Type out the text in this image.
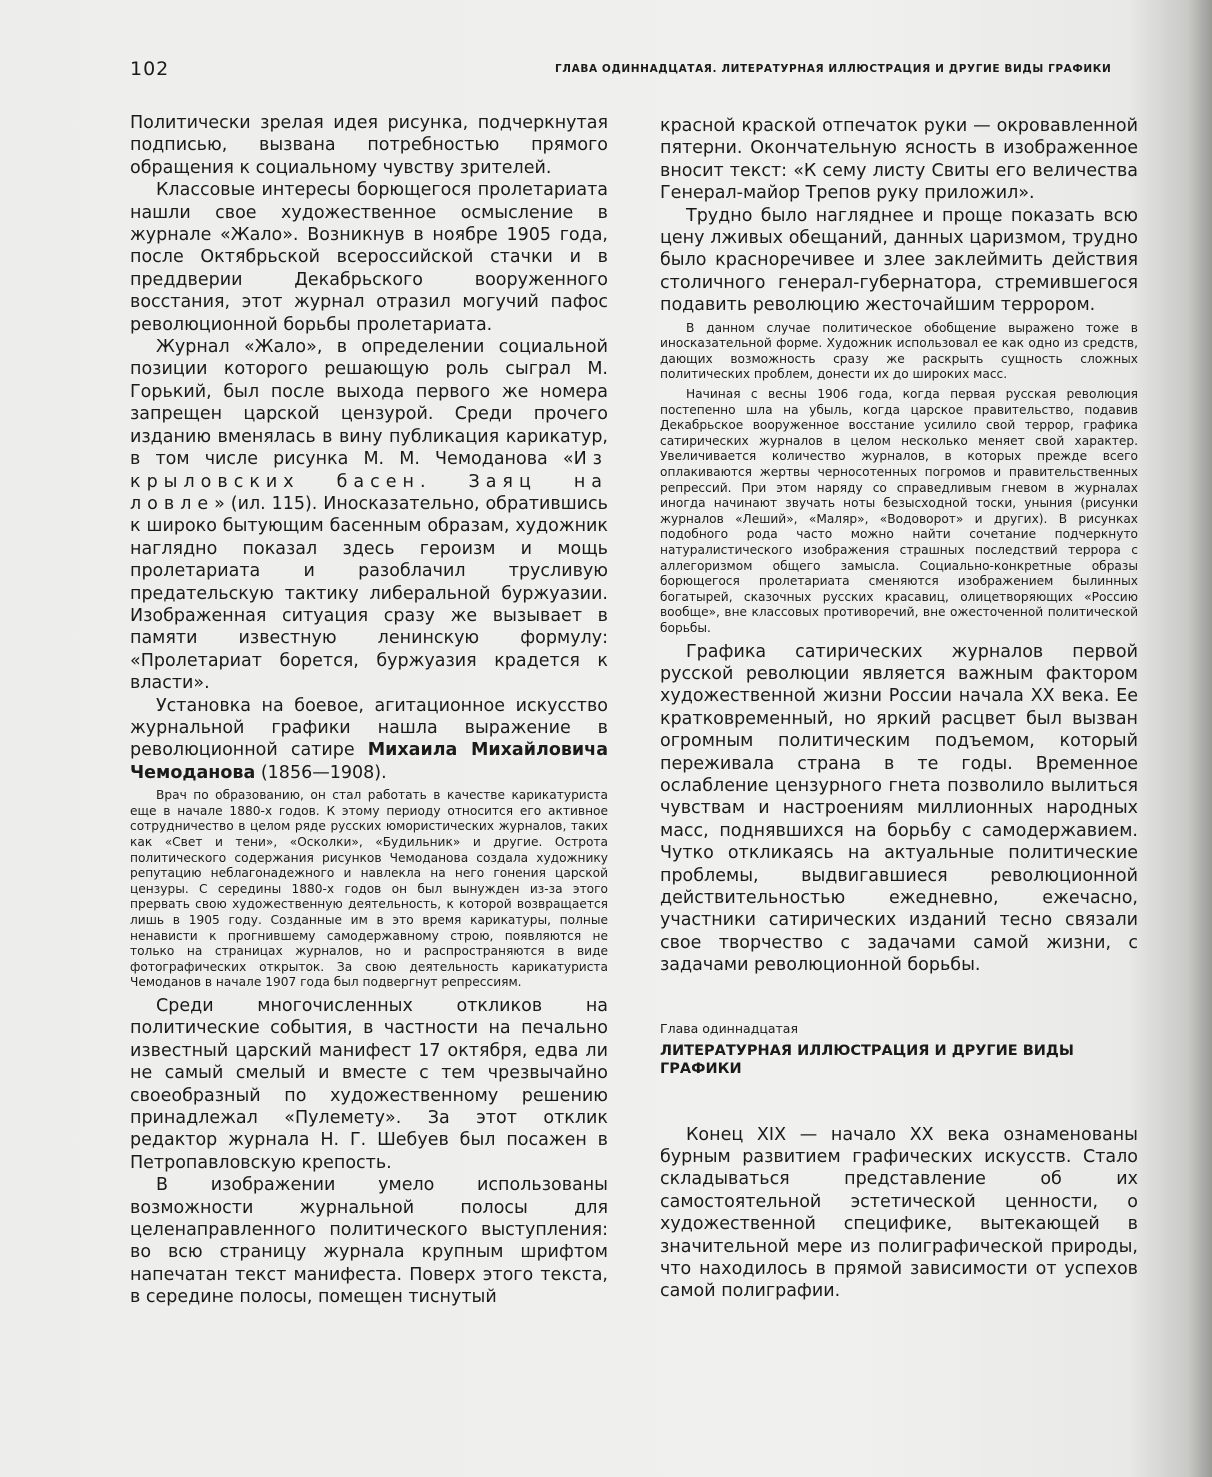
102	ГЛАВА ОДИННАДЦАТАЯ. ЛИТЕРАТУРНАЯ ИЛЛЮСТРАЦИЯ И ДРУГИЕ ВИДЫ ГРАФИКИ

Политически зрелая идея рисунка, подчеркнутая подписью, вызвана потребностью прямого обращения к социальному чувству зрителей.

Классовые интересы борющегося пролетариата нашли свое художественное осмысление в журнале «Жало». Возникнув в ноябре 1905 года, после Октябрьской всероссийской стачки и в преддверии Декабрьского вооруженного восстания, этот журнал отразил могучий пафос революционной борьбы пролетариата.

Журнал «Жало», в определении социальной позиции которого решающую роль сыграл М. Горький, был после выхода первого же номера запрещен царской цензурой. Среди прочего изданию вменялась в вину публикация карикатур, в том числе рисунка М. М. Чемоданова «Из крыловских басен. Заяц на ловле» (ил. 115). Иносказательно, обратившись к широко бытующим басенным образам, художник наглядно показал здесь героизм и мощь пролетариата и разоблачил трусливую предательскую тактику либеральной буржуазии. Изображенная ситуация сразу же вызывает в памяти известную ленинскую формулу: «Пролетариат борется, буржуазия крадется к власти».

Установка на боевое, агитационное искусство журнальной графики нашла выражение в революционной сатире Михаила Михайловича Чемоданова (1856—1908).

Врач по образованию, он стал работать в качестве карикатуриста еще в начале 1880-х годов. К этому периоду относится его активное сотрудничество в целом ряде русских юмористических журналов, таких как «Свет и тени», «Осколки», «Будильник» и другие. Острота политического содержания рисунков Чемоданова создала художнику репутацию неблагонадежного и навлекла на него гонения царской цензуры. С середины 1880-х годов он был вынужден из-за этого прервать свою художественную деятельность, к которой возвращается лишь в 1905 году. Созданные им в это время карикатуры, полные ненависти к прогнившему самодержавному строю, появляются не только на страницах журналов, но и распространяются в виде фотографических открыток. За свою деятельность карикатуриста Чемоданов в начале 1907 года был подвергнут репрессиям.

Среди многочисленных откликов на политические события, в частности на печально известный царский манифест 17 октября, едва ли не самый смелый и вместе с тем чрезвычайно своеобразный по художественному решению принадлежал «Пулемету». За этот отклик редактор журнала Н. Г. Шебуев был посажен в Петропавловскую крепость.

В изображении умело использованы возможности журнальной полосы для целенаправленного политического выступления: во всю страницу журнала крупным шрифтом напечатан текст манифеста. Поверх этого текста, в середине полосы, помещен тиснутый

красной краской отпечаток руки — окровавленной пятерни. Окончательную ясность в изображенное вносит текст: «К сему листу Свиты его величества Генерал-майор Трепов руку приложил».

Трудно было нагляднее и проще показать всю цену лживых обещаний, данных царизмом, трудно было красноречивее и злее заклеймить действия столичного генерал-губернатора, стремившегося подавить революцию жесточайшим террором.

В данном случае политическое обобщение выражено тоже в иносказательной форме. Художник использовал ее как одно из средств, дающих возможность сразу же раскрыть сущность сложных политических проблем, донести их до широких масс.

Начиная с весны 1906 года, когда первая русская революция постепенно шла на убыль, когда царское правительство, подавив Декабрьское вооруженное восстание усилило свой террор, графика сатирических журналов в целом несколько меняет свой характер. Увеличивается количество журналов, в которых прежде всего оплакиваются жертвы черносотенных погромов и правительственных репрессий. При этом наряду со справедливым гневом в журналах иногда начинают звучать ноты безысходной тоски, уныния (рисунки журналов «Леший», «Маляр», «Водоворот» и других). В рисунках подобного рода часто можно найти сочетание подчеркнуто натуралистического изображения страшных последствий террора с аллегоризмом общего замысла. Социально-конкретные образы борющегося пролетариата сменяются изображением былинных богатырей, сказочных русских красавиц, олицетворяющих «Россию вообще», вне классовых противоречий, вне ожесточенной политической борьбы.

Графика сатирических журналов первой русской революции является важным фактором художественной жизни России начала XX века. Ее кратковременный, но яркий расцвет был вызван огромным политическим подъемом, который переживала страна в те годы. Временное ослабление цензурного гнета позволило вылиться чувствам и настроениям миллионных народных масс, поднявшихся на борьбу с самодержавием. Чутко откликаясь на актуальные политические проблемы, выдвигавшиеся революционной действительностью ежедневно, ежечасно, участники сатирических изданий тесно связали свое творчество с задачами самой жизни, с задачами революционной борьбы.

Глава одиннадцатая
ЛИТЕРАТУРНАЯ ИЛЛЮСТРАЦИЯ И ДРУГИЕ ВИДЫ ГРАФИКИ

Конец XIX — начало XX века ознаменованы бурным развитием графических искусств. Стало складываться представление об их самостоятельной эстетической ценности, о художественной специфике, вытекающей в значительной мере из полиграфической природы, что находилось в прямой зависимости от успехов самой полиграфии.
